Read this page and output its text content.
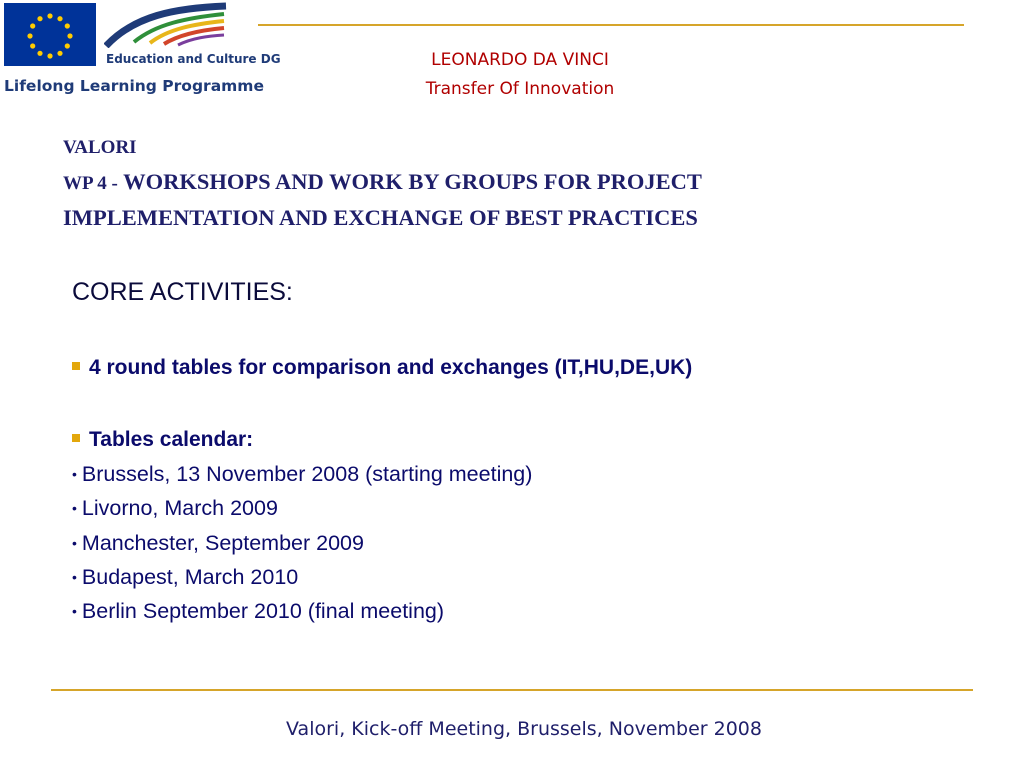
Education and Culture DG
Lifelong Learning Programme
LEONARDO DA VINCI
Transfer Of Innovation
VALORI
WP 4 - WORKSHOPS AND WORK BY GROUPS FOR PROJECT
IMPLEMENTATION AND EXCHANGE OF BEST PRACTICES
CORE ACTIVITIES:
4 round tables for comparison and exchanges (IT,HU,DE,UK)
Tables calendar:
• Brussels, 13 November 2008 (starting meeting)
• Livorno, March 2009
• Manchester, September 2009
• Budapest, March 2010
• Berlin September 2010 (final meeting)
Valori, Kick-off Meeting, Brussels, November 2008
